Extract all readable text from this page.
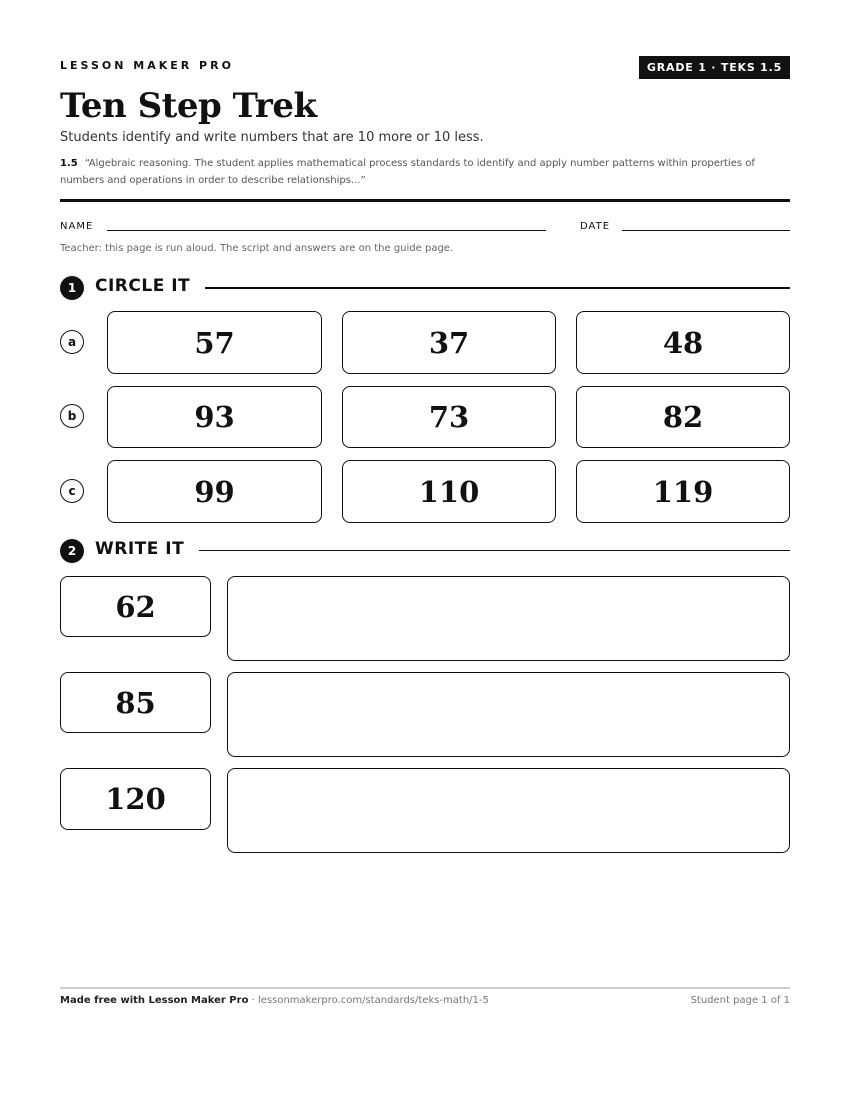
LESSON MAKER PRO	GRADE 1 · TEKS 1.5
Ten Step Trek
Students identify and write numbers that are 10 more or 10 less.
1.5 “Algebraic reasoning. The student applies mathematical process standards to identify and apply number patterns within properties of numbers and operations in order to describe relationships...”
NAME	DATE
Teacher: this page is run aloud. The script and answers are on the guide page.
1	CIRCLE IT
a	57	37	48
b	93	73	82
c	99	110	119
2	WRITE IT
62
85
120
Made free with Lesson Maker Pro · lessonmakerpro.com/standards/teks-math/1-5	Student page 1 of 1
